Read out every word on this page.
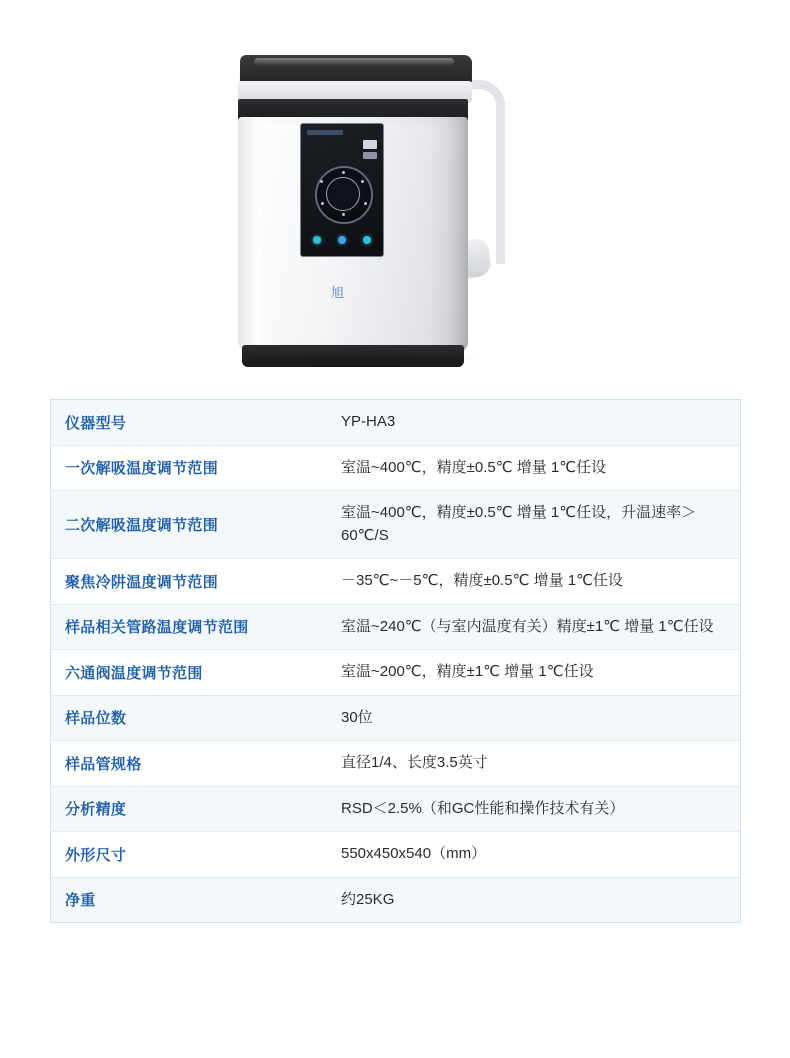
旭
仪器型号	YP-HA3
一次解吸温度调节范围	室温~400℃，精度±0.5℃ 增量 1℃任设
二次解吸温度调节范围	室温~400℃，精度±0.5℃ 增量 1℃任设，升温速率＞60℃/S
聚焦冷阱温度调节范围	－35℃~－5℃，精度±0.5℃ 增量 1℃任设
样品相关管路温度调节范围	室温~240℃（与室内温度有关）精度±1℃ 增量 1℃任设
六通阀温度调节范围	室温~200℃，精度±1℃ 增量 1℃任设
样品位数	30位
样品管规格	直径1/4、长度3.5英寸
分析精度	RSD＜2.5%（和GC性能和操作技术有关）
外形尺寸	550x450x540（mm）
净重	约25KG
